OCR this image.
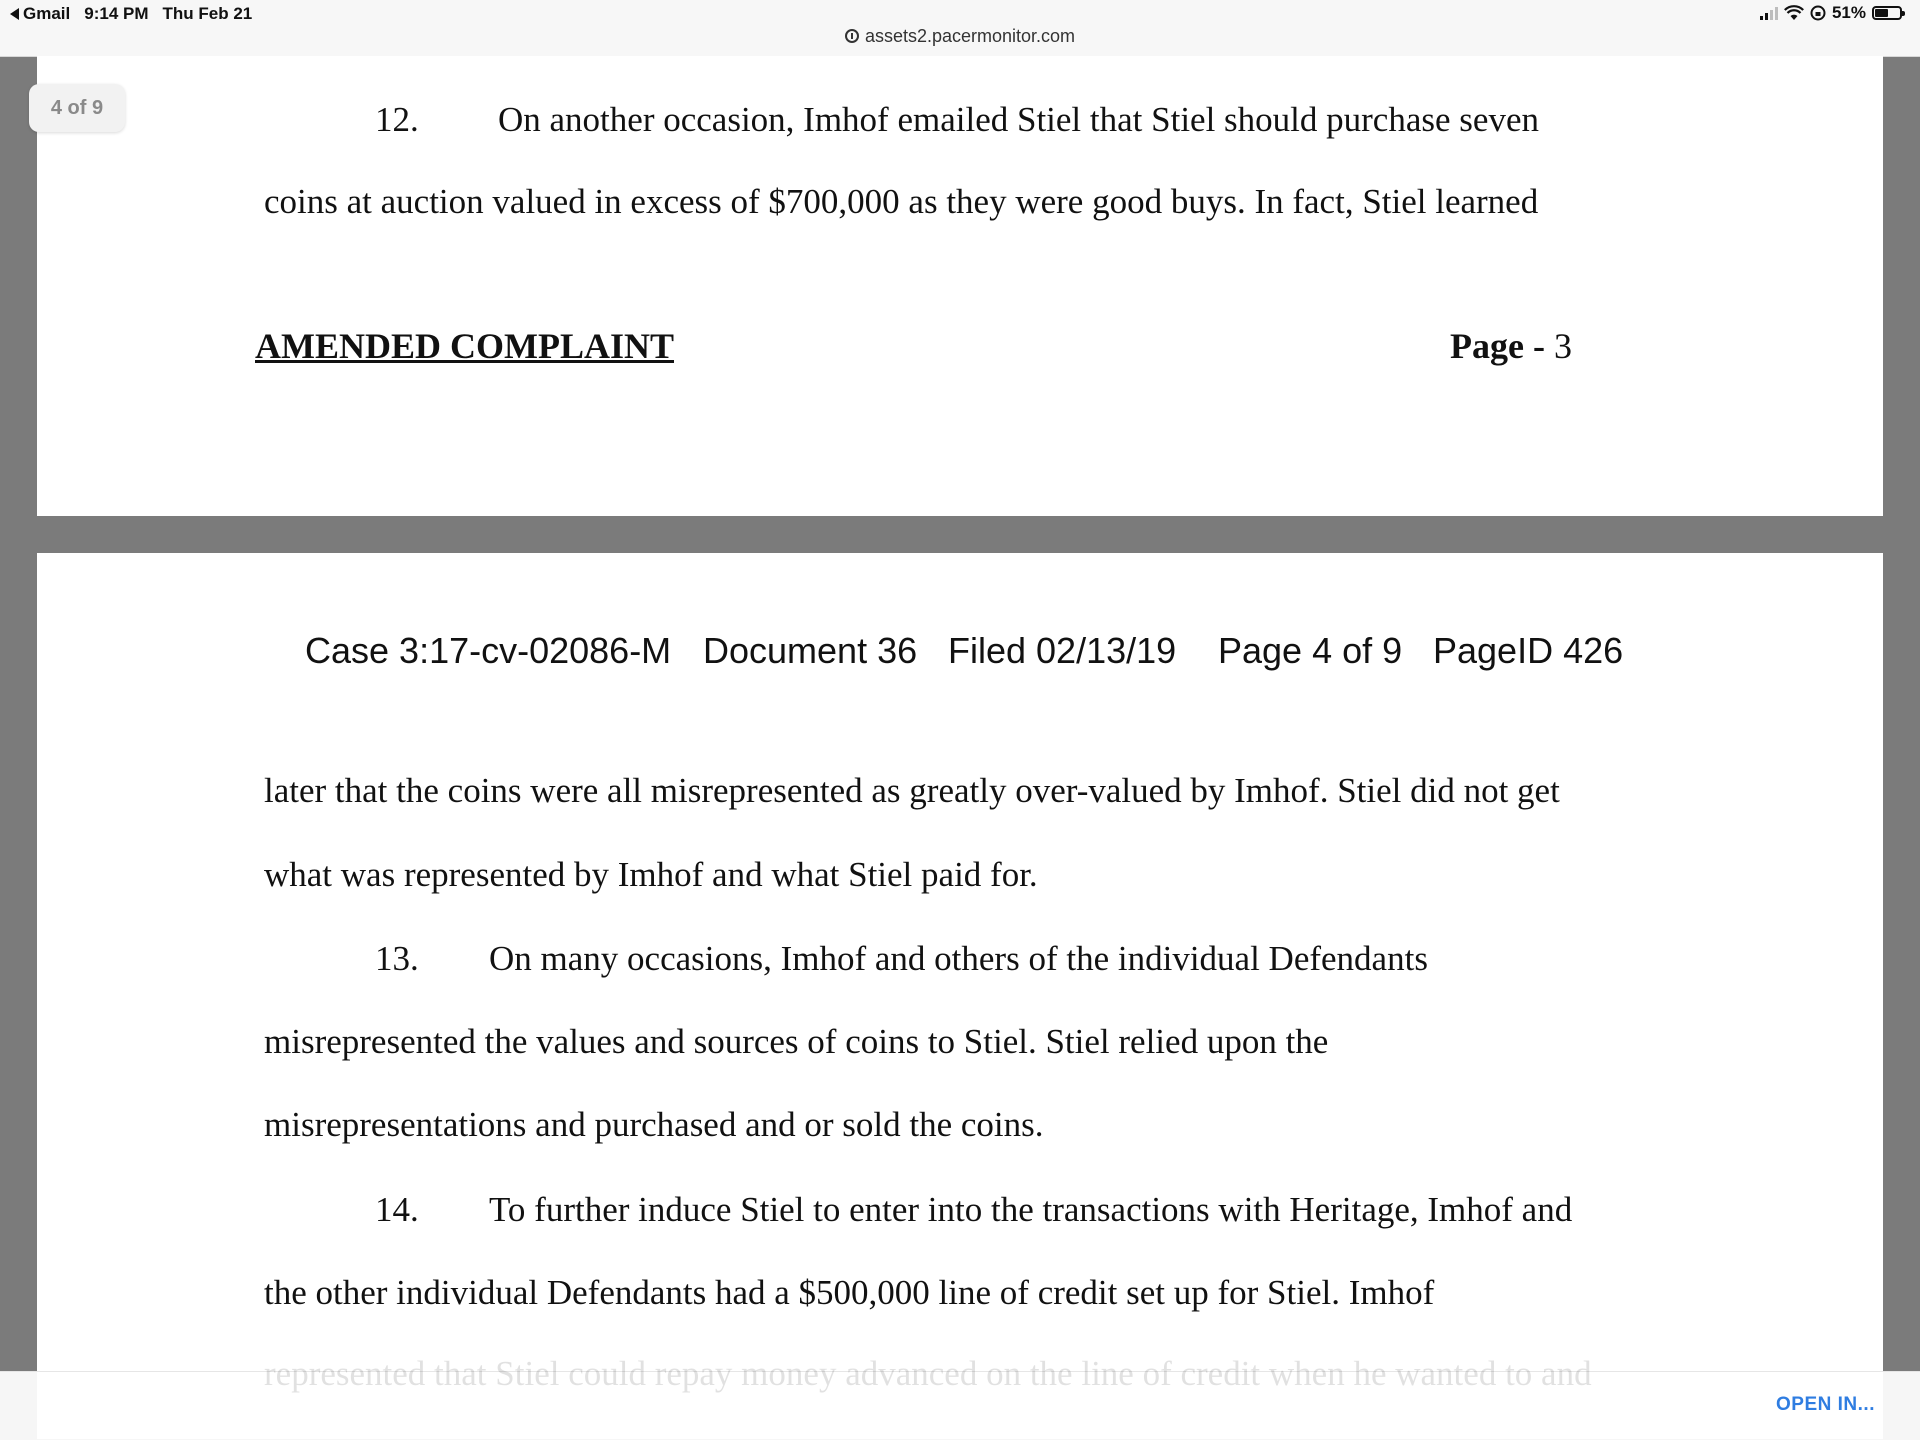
Gmail 9:14 PM Thu Feb 21	51%
assets2.pacermonitor.com
4 of 9	12. On another occasion, Imhof emailed Stiel that Stiel should purchase seven
coins at auction valued in excess of $700,000 as they were good buys. In fact, Stiel learned
AMENDED COMPLAINT	Page - 3
Case 3:17-cv-02086-M Document 36 Filed 02/13/19 Page 4 of 9 PageID 426
later that the coins were all misrepresented as greatly over-valued by Imhof. Stiel did not get
what was represented by Imhof and what Stiel paid for.
13. On many occasions, Imhof and others of the individual Defendants
misrepresented the values and sources of coins to Stiel. Stiel relied upon the
misrepresentations and purchased and or sold the coins.
14. To further induce Stiel to enter into the transactions with Heritage, Imhof and
the other individual Defendants had a $500,000 line of credit set up for Stiel. Imhof
OPEN IN...
represented that Stiel could repay money advanced on the line of credit when he wanted to and
